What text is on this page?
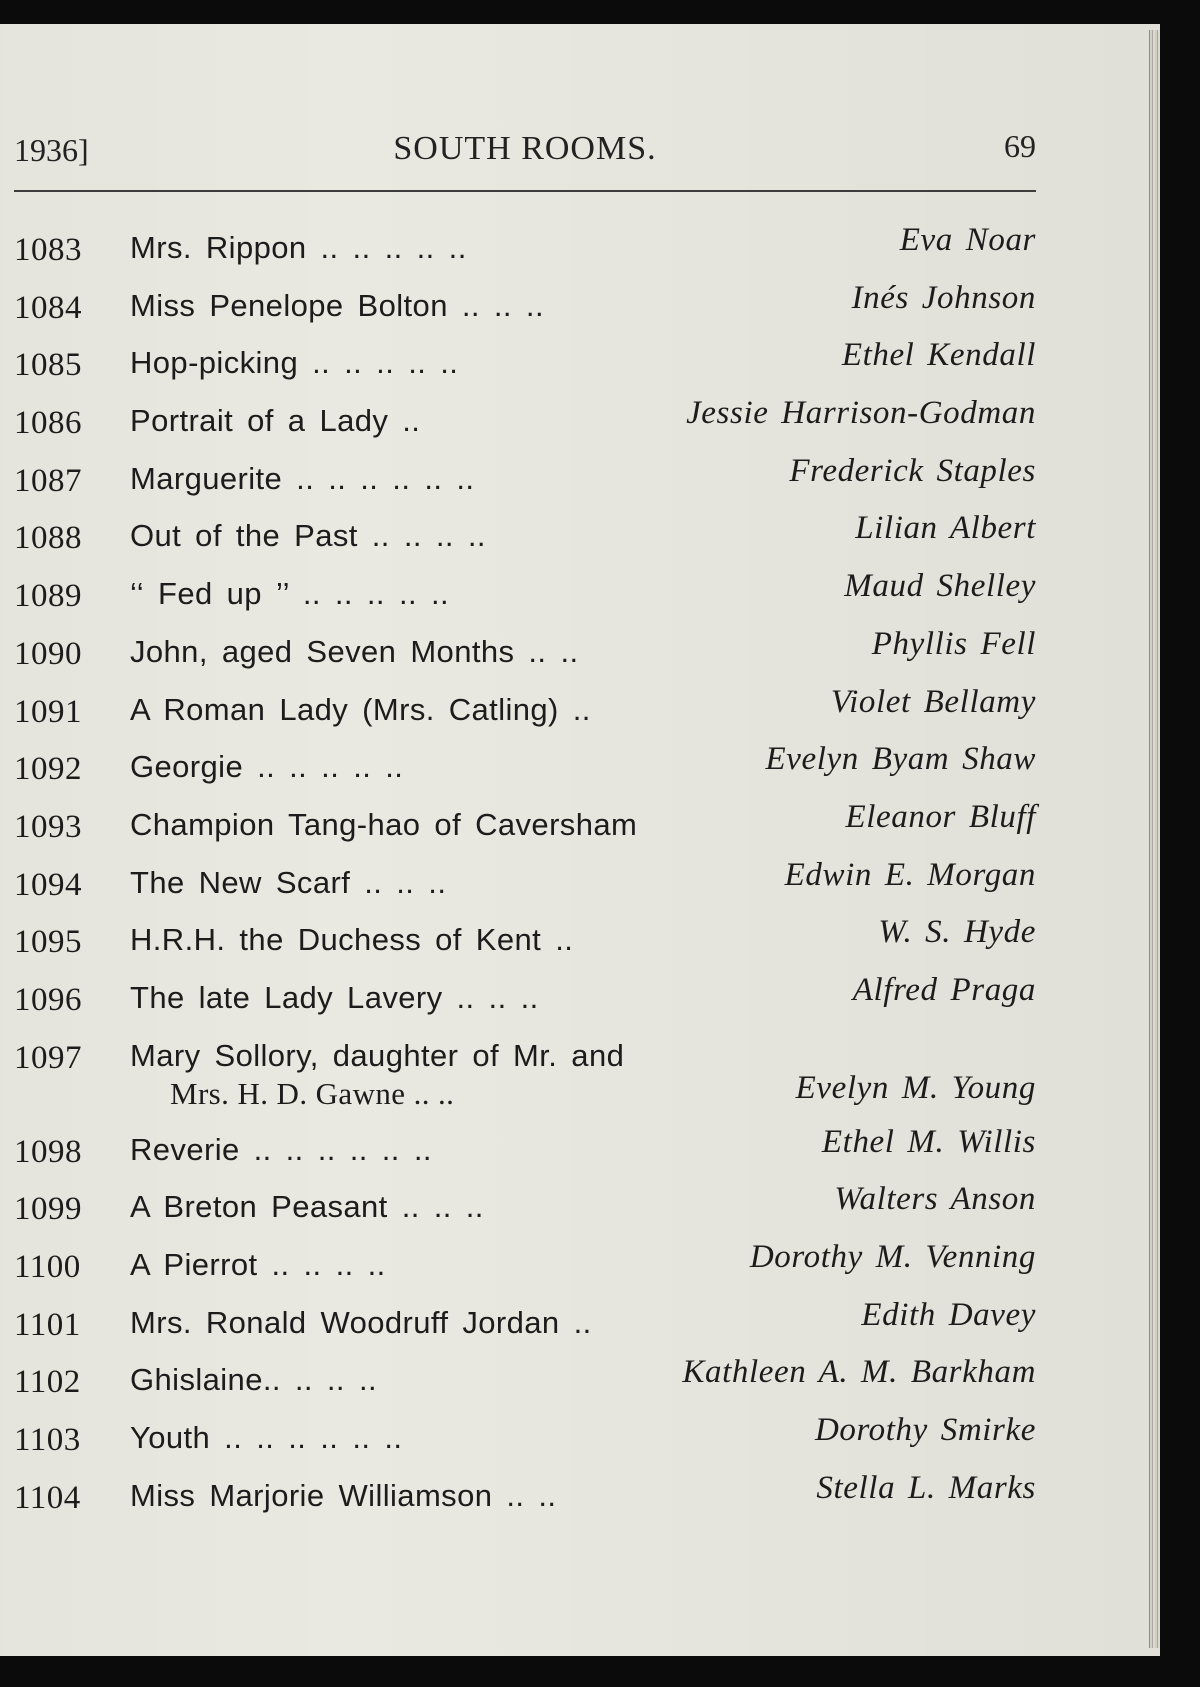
1936]	SOUTH ROOMS.	69
1083	Mrs. Rippon .. .. .. .. ..	Eva Noar
1084	Miss Penelope Bolton .. .. ..	Inés Johnson
1085	Hop-picking .. .. .. .. ..	Ethel Kendall
1086	Portrait of a Lady ..	Jessie Harrison-Godman
1087	Marguerite .. .. .. .. .. ..	Frederick Staples
1088	Out of the Past .. .. .. ..	Lilian Albert
1089	‘‘ Fed up ’’ .. .. .. .. ..	Maud Shelley
1090	John, aged Seven Months .. ..	Phyllis Fell
1091	A Roman Lady (Mrs. Catling) ..	Violet Bellamy
1092	Georgie .. .. .. .. ..	Evelyn Byam Shaw
1093	Champion Tang-hao of Caversham	Eleanor Bluff
1094	The New Scarf .. .. ..	Edwin E. Morgan
1095	H.R.H. the Duchess of Kent ..	W. S. Hyde
1096	The late Lady Lavery .. .. ..	Alfred Praga
1097	Mary Sollory, daughter of Mr. and
Mrs. H. D. Gawne .. ..	Evelyn M. Young
1098	Reverie .. .. .. .. .. ..	Ethel M. Willis
1099	A Breton Peasant .. .. ..	Walters Anson
1100	A Pierrot .. .. .. ..	Dorothy M. Venning
1101	Mrs. Ronald Woodruff Jordan ..	Edith Davey
1102	Ghislaine.. .. .. ..	Kathleen A. M. Barkham
1103	Youth .. .. .. .. .. ..	Dorothy Smirke
1104	Miss Marjorie Williamson .. ..	Stella L. Marks
